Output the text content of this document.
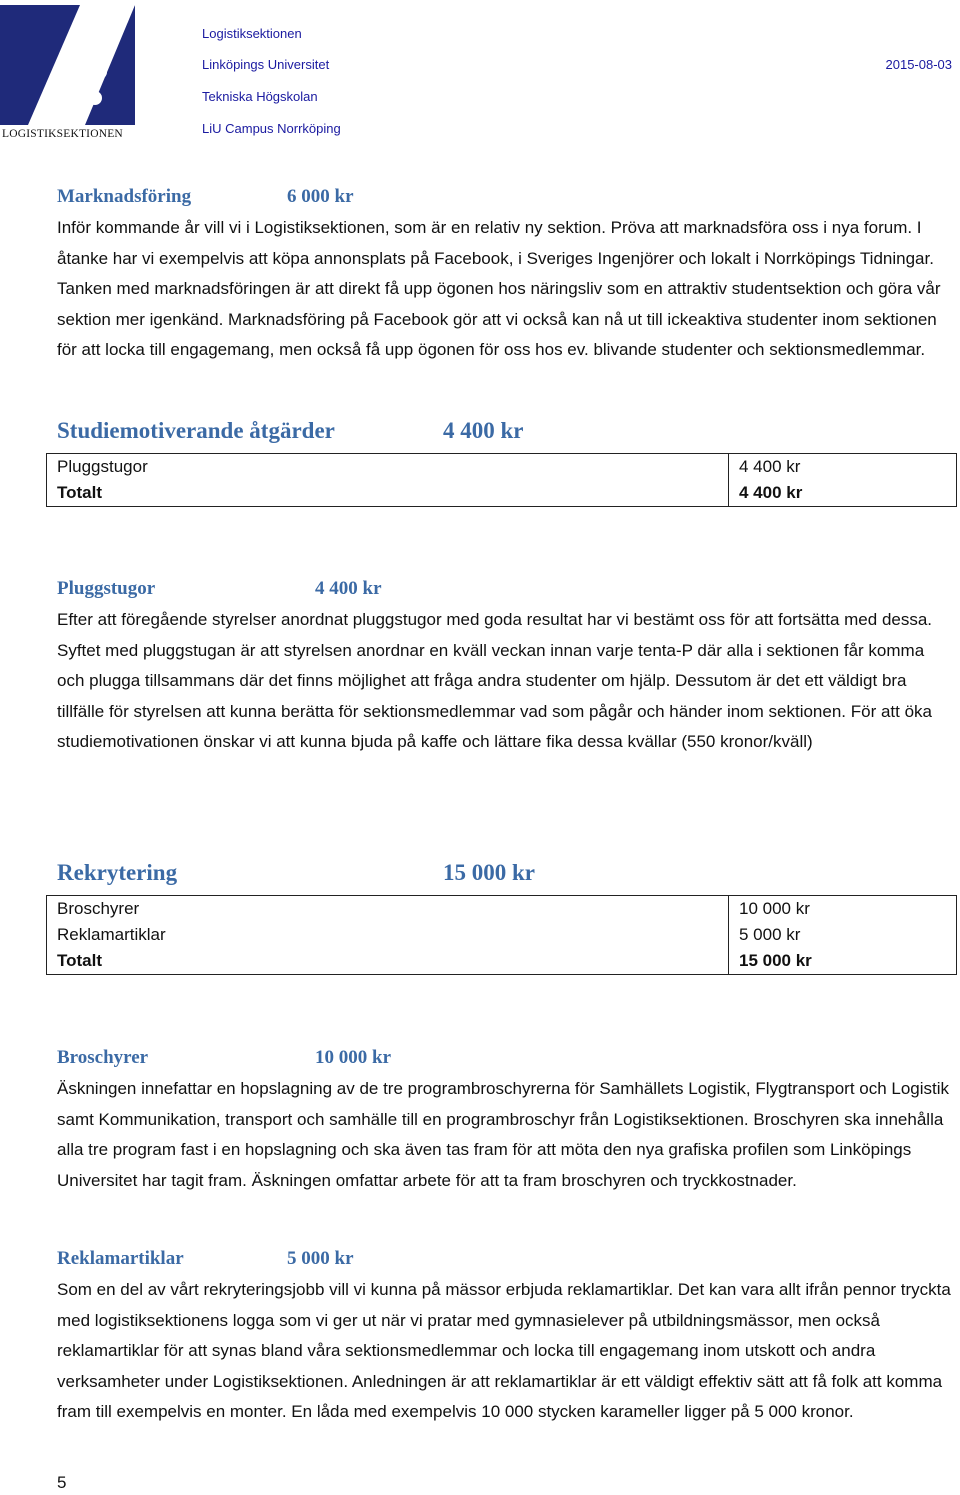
LOGISTIKSEKTIONEN
Logistiksektionen
Linköpings Universitet
Tekniska Högskolan
LiU Campus Norrköping
2015-08-03
Marknadsföring	6 000 kr
Inför kommande år vill vi i Logistiksektionen, som är en relativ ny sektion. Pröva att marknadsföra oss i nya forum. I åtanke har vi exempelvis att köpa annonsplats på Facebook, i Sveriges Ingenjörer och lokalt i Norrköpings Tidningar. Tanken med marknadsföringen är att direkt få upp ögonen hos näringsliv som en attraktiv studentsektion och göra vår sektion mer igenkänd. Marknadsföring på Facebook gör att vi också kan nå ut till ickeaktiva studenter inom sektionen för att locka till engagemang, men också få upp ögonen för oss hos ev. blivande studenter och sektionsmedlemmar.
Studiemotiverande åtgärder	4 400 kr
Pluggstugor	4 400 kr
Totalt	4 400 kr
Pluggstugor	4 400 kr
Efter att föregående styrelser anordnat pluggstugor med goda resultat har vi bestämt oss för att fortsätta med dessa. Syftet med pluggstugan är att styrelsen anordnar en kväll veckan innan varje tenta-P där alla i sektionen får komma och plugga tillsammans där det finns möjlighet att fråga andra studenter om hjälp. Dessutom är det ett väldigt bra tillfälle för styrelsen att kunna berätta för sektionsmedlemmar vad som pågår och händer inom sektionen. För att öka studiemotivationen önskar vi att kunna bjuda på kaffe och lättare fika dessa kvällar (550 kronor/kväll)
Rekrytering	15 000 kr
Broschyrer	10 000 kr
Reklamartiklar	5 000 kr
Totalt	15 000 kr
Broschyrer	10 000 kr
Äskningen innefattar en hopslagning av de tre programbroschyrerna för Samhällets Logistik, Flygtransport och Logistik samt Kommunikation, transport och samhälle till en programbroschyr från Logistiksektionen. Broschyren ska innehålla alla tre program fast i en hopslagning och ska även tas fram för att möta den nya grafiska profilen som Linköpings Universitet har tagit fram. Äskningen omfattar arbete för att ta fram broschyren och tryckkostnader.
Reklamartiklar	5 000 kr
Som en del av vårt rekryteringsjobb vill vi kunna på mässor erbjuda reklamartiklar. Det kan vara allt ifrån pennor tryckta med logistiksektionens logga som vi ger ut när vi pratar med gymnasielever på utbildningsmässor, men också reklamartiklar för att synas bland våra sektionsmedlemmar och locka till engagemang inom utskott och andra verksamheter under Logistiksektionen. Anledningen är att reklamartiklar är ett väldigt effektiv sätt att få folk att komma fram till exempelvis en monter. En låda med exempelvis 10 000 stycken karameller ligger på 5 000 kronor.
5
